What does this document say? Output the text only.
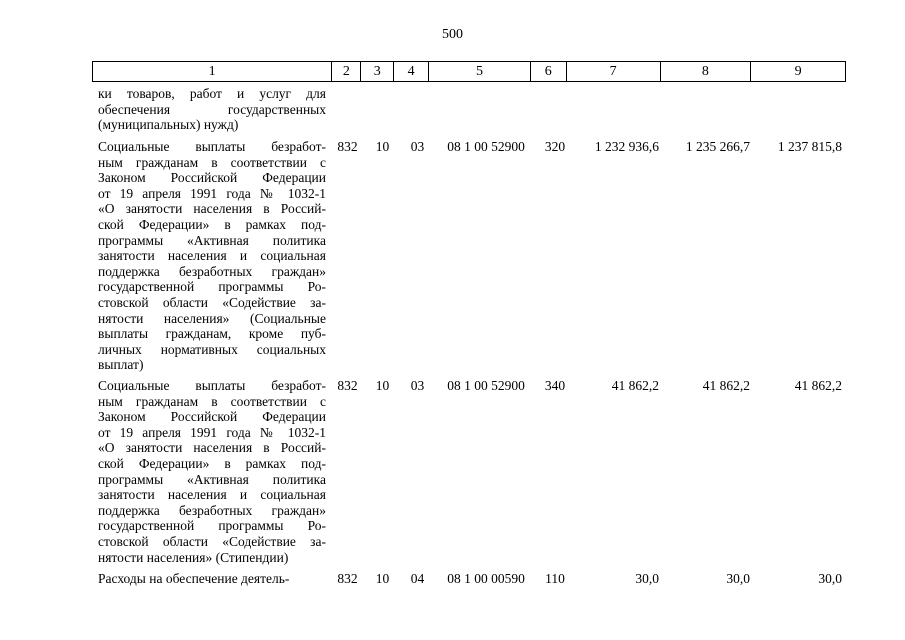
500
1	2	3	4	5	6	7	8	9
ки товаров, работ и услуг для
обеспечения государственных
(муниципальных) нужд)
Социальные выплаты безработ-
ным гражданам в соответствии с
Законом Российской Федерации
от 19 апреля 1991 года № 1032-1
«О занятости населения в Россий-
ской Федерации» в рамках под-
программы «Активная политика
занятости населения и социальная
поддержка безработных граждан»
государственной программы Ро-
стовской области «Содействие за-
нятости населения» (Социальные
выплаты гражданам, кроме пуб-
личных нормативных социальных
выплат)
832	10	03	08 1 00 52900	320	1 232 936,6	1 235 266,7	1 237 815,8
Социальные выплаты безработ-
ным гражданам в соответствии с
Законом Российской Федерации
от 19 апреля 1991 года № 1032-1
«О занятости населения в Россий-
ской Федерации» в рамках под-
программы «Активная политика
занятости населения и социальная
поддержка безработных граждан»
государственной программы Ро-
стовской области «Содействие за-
нятости населения» (Стипендии)
832	10	03	08 1 00 52900	340	41 862,2	41 862,2	41 862,2
Расходы на обеспечение деятель-	832	10	04	08 1 00 00590	110	30,0	30,0	30,0
